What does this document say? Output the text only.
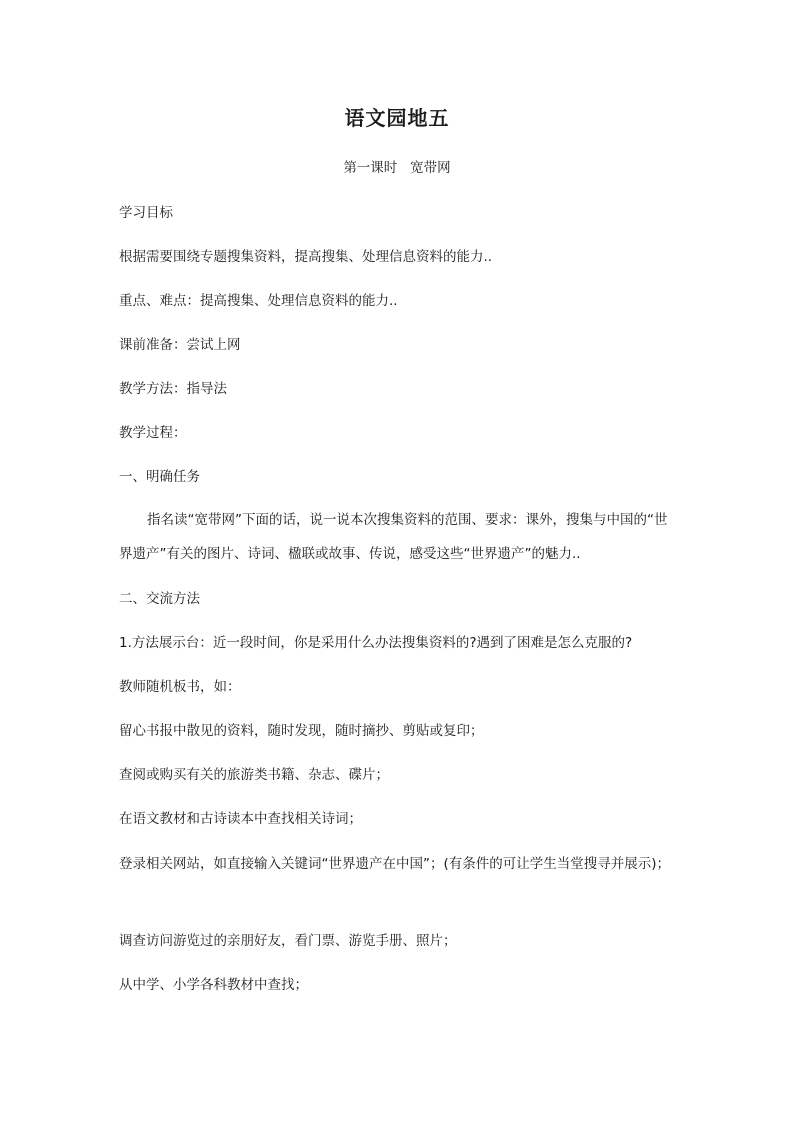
语文园地五
第一课时   宽带网
学习目标
根据需要围绕专题搜集资料，提高搜集、处理信息资料的能力..
重点、难点：提高搜集、处理信息资料的能力..
课前准备：尝试上网
教学方法：指导法
教学过程：
一、明确任务
指名读“宽带网”下面的话，说一说本次搜集资料的范围、要求：课外，搜集与中国的“世界遗产”有关的图片、诗词、楹联或故事、传说，感受这些“世界遗产”的魅力..
二、交流方法
1.方法展示台：近一段时间，你是采用什么办法搜集资料的?遇到了困难是怎么克服的?
教师随机板书，如：
留心书报中散见的资料，随时发现，随时摘抄、剪贴或复印；
查阅或购买有关的旅游类书籍、杂志、碟片；
在语文教材和古诗读本中查找相关诗词；
登录相关网站，如直接输入关键词“世界遗产在中国”；(有条件的可让学生当堂搜寻并展示)；
调查访问游览过的亲朋好友，看门票、游览手册、照片；
从中学、小学各科教材中查找；
